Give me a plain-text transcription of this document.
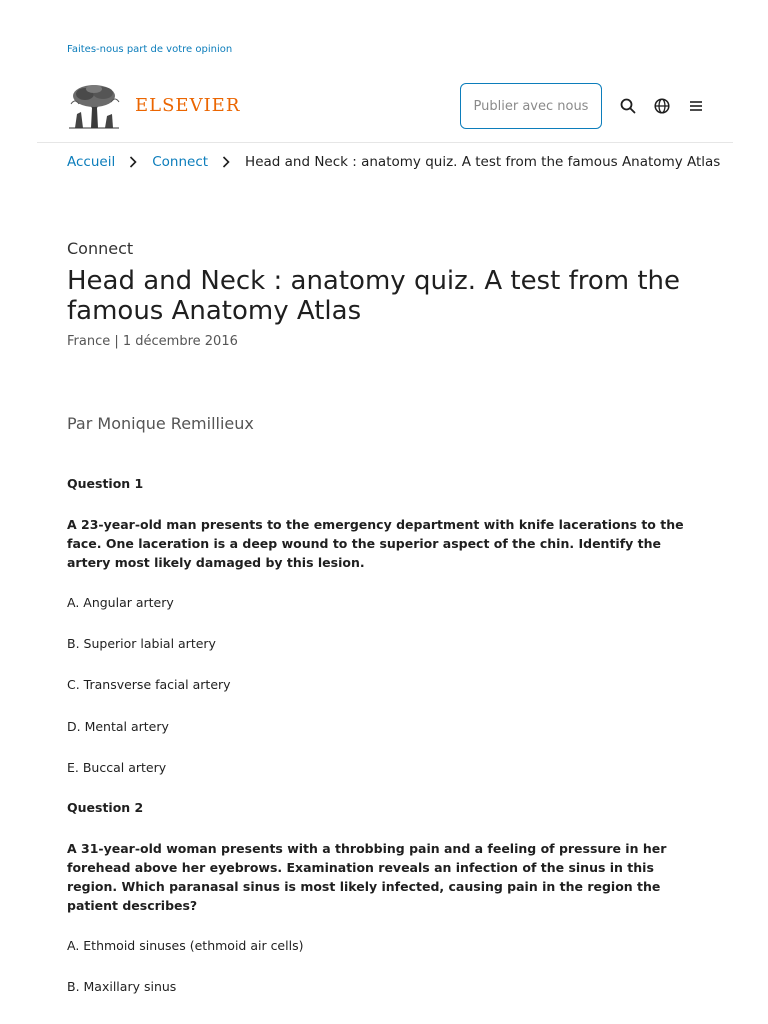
Faites-nous part de votre opinion
ELSEVIER	Publier avec nous
Accueil	Connect	Head and Neck : anatomy quiz. A test from the famous Anatomy Atlas
Connect
Head and Neck : anatomy quiz. A test from the famous Anatomy Atlas
France | 1 décembre 2016
Par Monique Remillieux
Question 1
A 23-year-old man presents to the emergency department with knife lacerations to the face. One laceration is a deep wound to the superior aspect of the chin. Identify the artery most likely damaged by this lesion.
A. Angular artery
B. Superior labial artery
C. Transverse facial artery
D. Mental artery
E. Buccal artery
Question 2
A 31-year-old woman presents with a throbbing pain and a feeling of pressure in her forehead above her eyebrows. Examination reveals an infection of the sinus in this region. Which paranasal sinus is most likely infected, causing pain in the region the patient describes?
A. Ethmoid sinuses (ethmoid air cells)
B. Maxillary sinus
